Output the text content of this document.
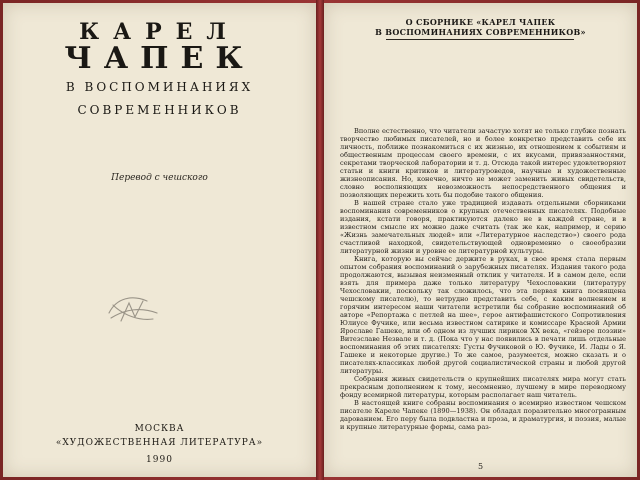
КАРЕЛ
ЧАПЕК
В ВОСПОМИНАНИЯХ
СОВРЕМЕННИКОВ
Перевод с чешского
МОСКВА
«ХУДОЖЕСТВЕННАЯ ЛИТЕРАТУРА»
1990
О СБОРНИКЕ «КАРЕЛ ЧАПЕК
В ВОСПОМИНАНИЯХ СОВРЕМЕННИКОВ»

Вполне естественно, что читатели зачастую хотят не только глубже познать творчество любимых писателей, но и более конкретно представить себе их личность, поближе познакомиться с их жизнью, их отношением к событиям и общественным процессам своего времени, с их вкусами, привязанностями, секретами творческой лаборатории и т. д. Отсюда такой интерес удовлетворяют статьи и книги критиков и литературоведов, научные и художественные жизнеописания. Но, конечно, ничто не может заменить живых свидетельств, словно восполняющих невозможность непосредственного общения и позволяющих пережить хоть бы подобие такого общения.

В нашей стране стало уже традицией издавать отдельными сборниками воспоминания современников о крупных отечественных писателях. Подобные издания, кстати говоря, практикуются далеко не в каждой стране, и в известном смысле их можно даже считать (так же как, например, и серию «Жизнь замечательных людей» или «Литературное наследство») своего рода счастливой находкой, свидетельствующей одновременно о своеобразии литературной жизни и уровне ее литературной культуры.

Книга, которую вы сейчас держите в руках, в свое время стала первым опытом собрания воспоминаний о зарубежных писателях. Издания такого рода продолжаются, вызывая неизменный отклик у читателя. И в самом деле, если взять для примера даже только литературу Чехословакии (литературу Чехословакии, поскольку так сложилось, что эта первая книга посвящена чешскому писателю), то нетрудно представить себе, с каким волнением и горячим интересом наши читатели встретили бы собрание воспоминаний об авторе «Репортажа с петлей на шее», герое антифашистского Сопротивления Юлиусе Фучике, или весьма известном сатирике и комиссаре Красной Армии Ярославе Гашеке, или об одном из лучших лириков XX века, «гейзере поэзии» Витезславе Незвале и т. д. (Пока что у нас появились в печати лишь отдельные воспоминания об этих писателях: Густы Фучиковой о Ю. Фучике, И. Лады о Я. Гашеке и некоторые другие.) То же самое, разумеется, можно сказать и о писателях-классиках любой другой социалистической страны и любой другой литературы.

Собрания живых свидетельств о крупнейших писателях мира могут стать прекрасным дополнением к тому, несомненно, лучшему в мире переводному фонду всемирной литературы, которым располагает наш читатель.

В настоящей книге собраны воспоминания о всемирно известном чешском писателе Кареле Чапеке (1890—1938). Он обладал поразительно многогранным дарованием. Его перу была подвластна и проза, и драматургия, и поэзия, малые и крупные литературные формы, сама раз-

5
